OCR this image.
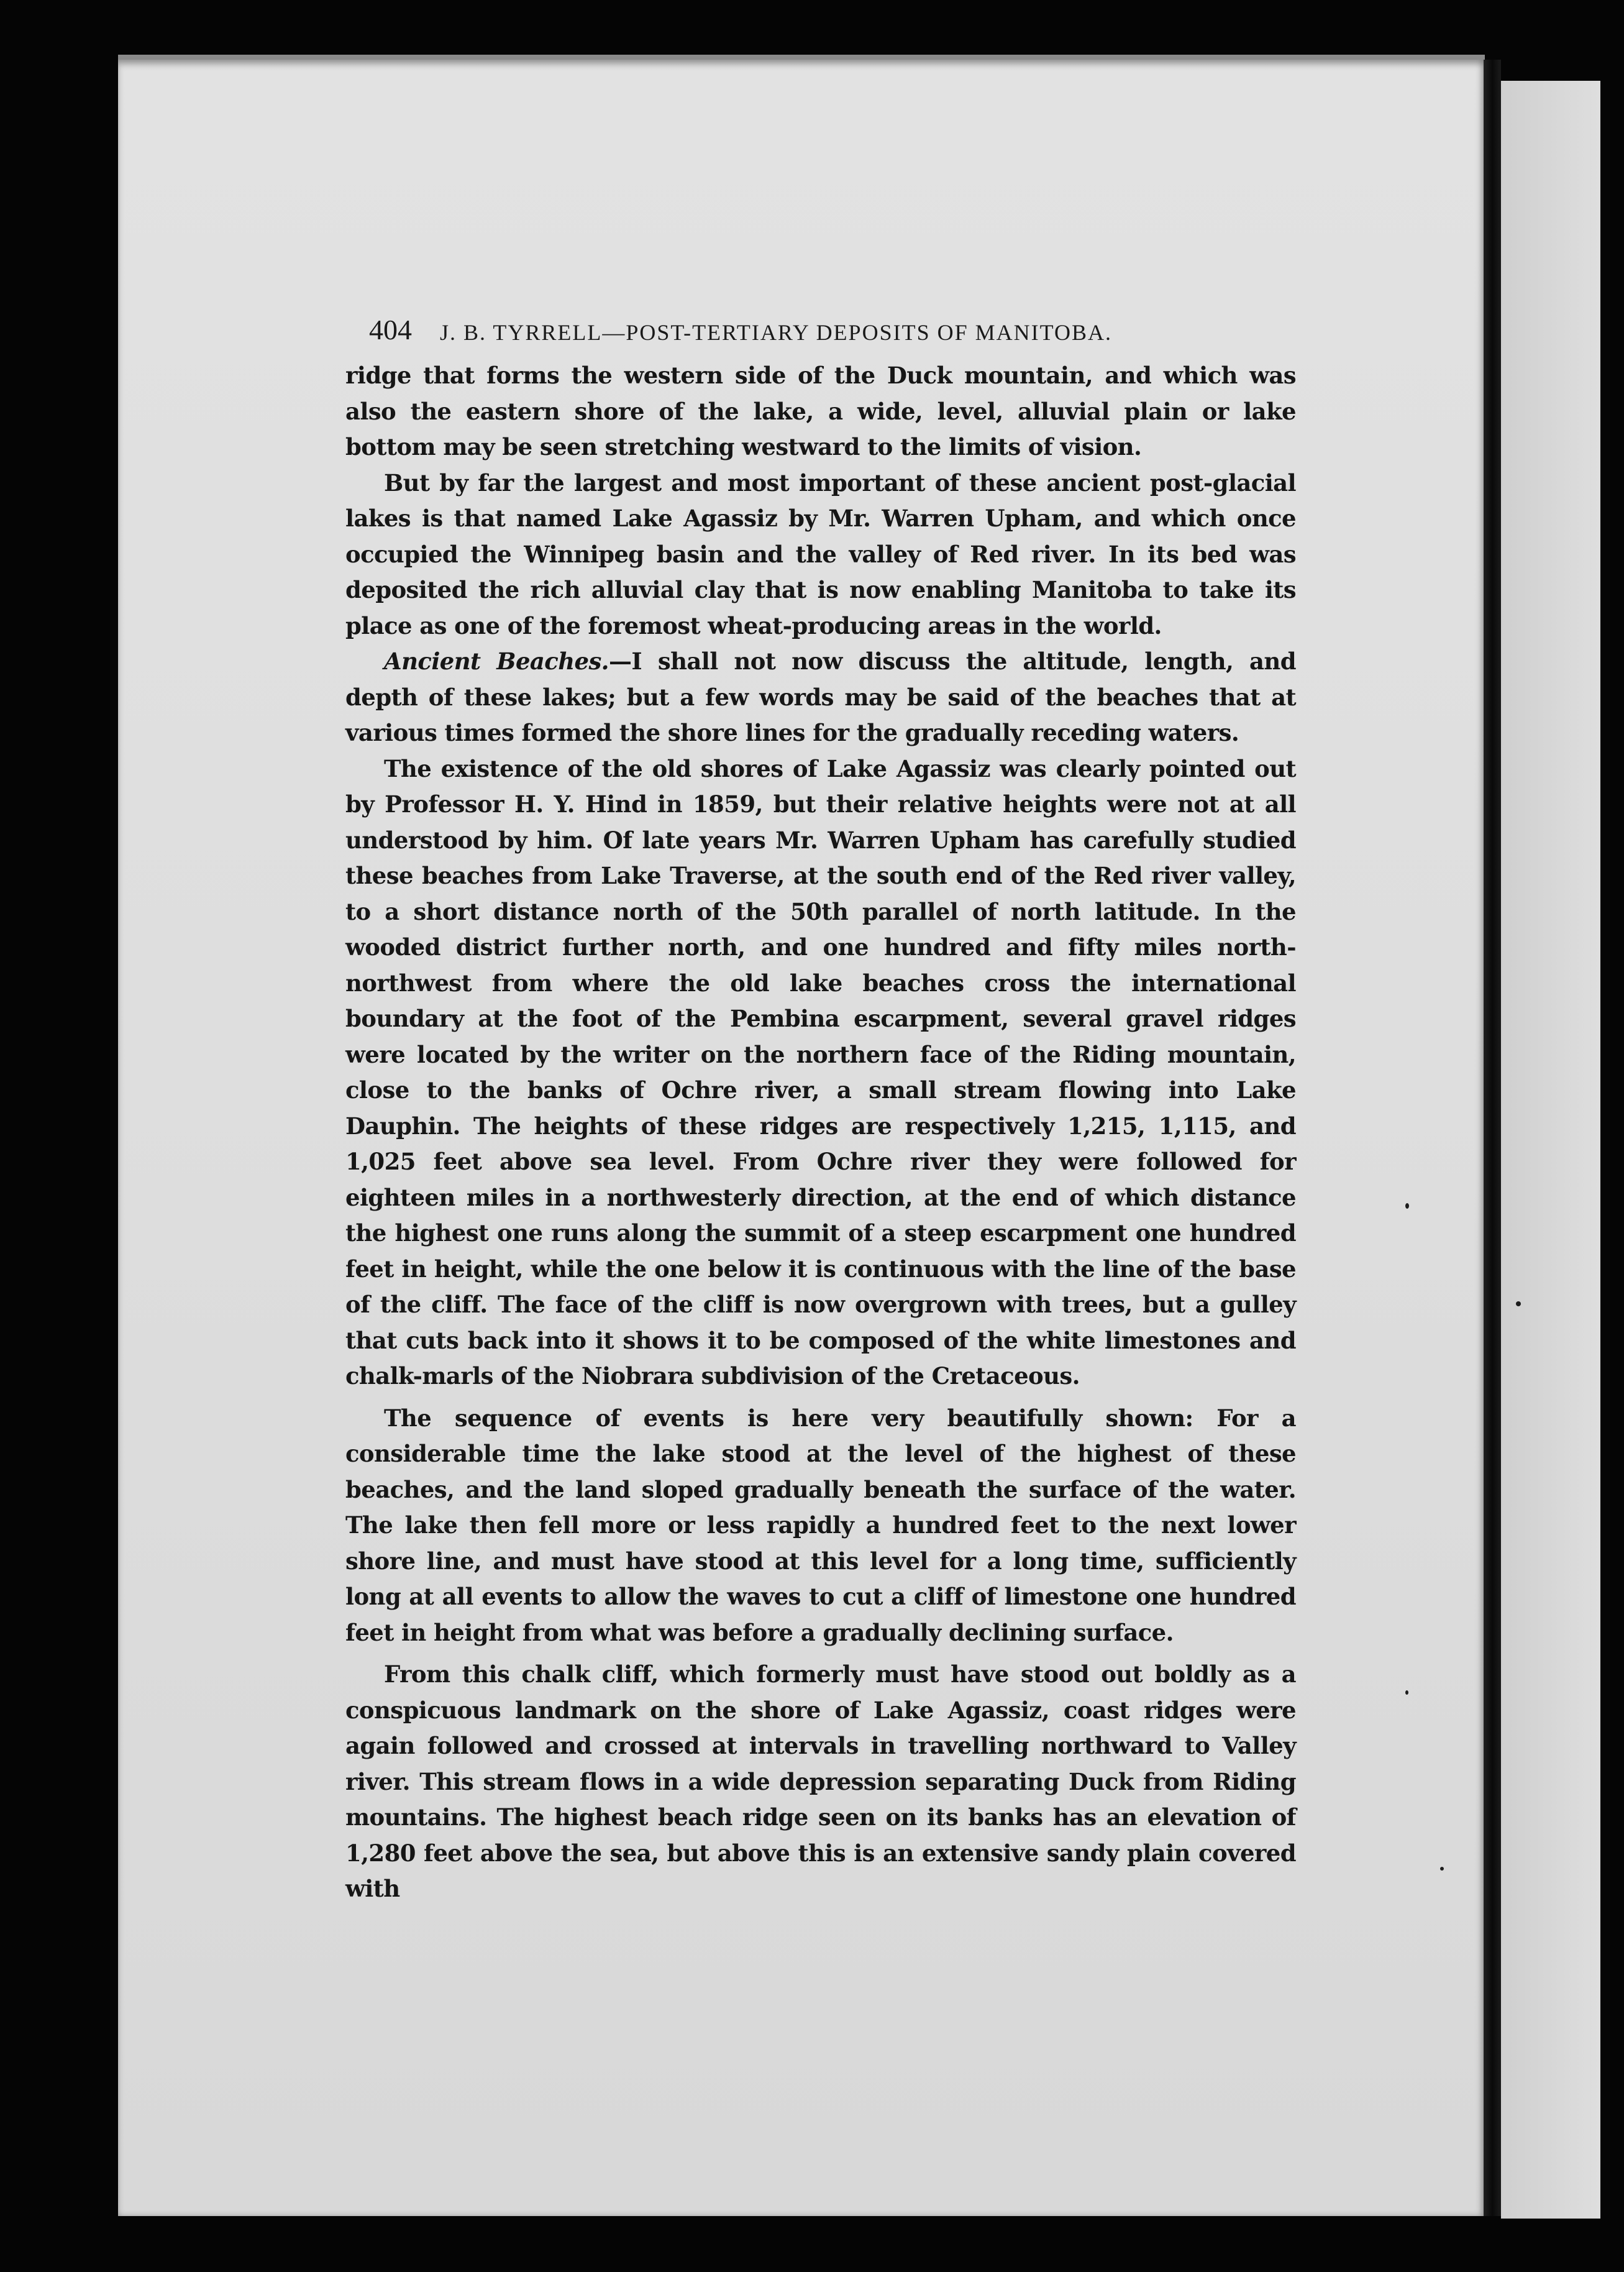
404 J. B. TYRRELL—POST-TERTIARY DEPOSITS OF MANITOBA.

ridge that forms the western side of the Duck mountain, and which was also the eastern shore of the lake, a wide, level, alluvial plain or lake bottom may be seen stretching westward to the limits of vision.

But by far the largest and most important of these ancient post-glacial lakes is that named Lake Agassiz by Mr. Warren Upham, and which once occupied the Winnipeg basin and the valley of Red river. In its bed was deposited the rich alluvial clay that is now enabling Manitoba to take its place as one of the foremost wheat-producing areas in the world.

Ancient Beaches.—I shall not now discuss the altitude, length, and depth of these lakes; but a few words may be said of the beaches that at various times formed the shore lines for the gradually receding waters.

The existence of the old shores of Lake Agassiz was clearly pointed out by Professor H. Y. Hind in 1859, but their relative heights were not at all understood by him. Of late years Mr. Warren Upham has carefully studied these beaches from Lake Traverse, at the south end of the Red river valley, to a short distance north of the 50th parallel of north latitude. In the wooded district further north, and one hundred and fifty miles north-northwest from where the old lake beaches cross the international boundary at the foot of the Pembina escarpment, several gravel ridges were located by the writer on the northern face of the Riding mountain, close to the banks of Ochre river, a small stream flowing into Lake Dauphin. The heights of these ridges are respectively 1,215, 1,115, and 1,025 feet above sea level. From Ochre river they were followed for eighteen miles in a northwesterly direction, at the end of which distance the highest one runs along the summit of a steep escarpment one hundred feet in height, while the one below it is continuous with the line of the base of the cliff. The face of the cliff is now overgrown with trees, but a gulley that cuts back into it shows it to be composed of the white limestones and chalk-marls of the Niobrara subdivision of the Cretaceous.

The sequence of events is here very beautifully shown: For a considerable time the lake stood at the level of the highest of these beaches, and the land sloped gradually beneath the surface of the water. The lake then fell more or less rapidly a hundred feet to the next lower shore line, and must have stood at this level for a long time, sufficiently long at all events to allow the waves to cut a cliff of limestone one hundred feet in height from what was before a gradually declining surface.

From this chalk cliff, which formerly must have stood out boldly as a conspicuous landmark on the shore of Lake Agassiz, coast ridges were again followed and crossed at intervals in travelling northward to Valley river. This stream flows in a wide depression separating Duck from Riding mountains. The highest beach ridge seen on its banks has an elevation of 1,280 feet above the sea, but above this is an extensive sandy plain covered with
